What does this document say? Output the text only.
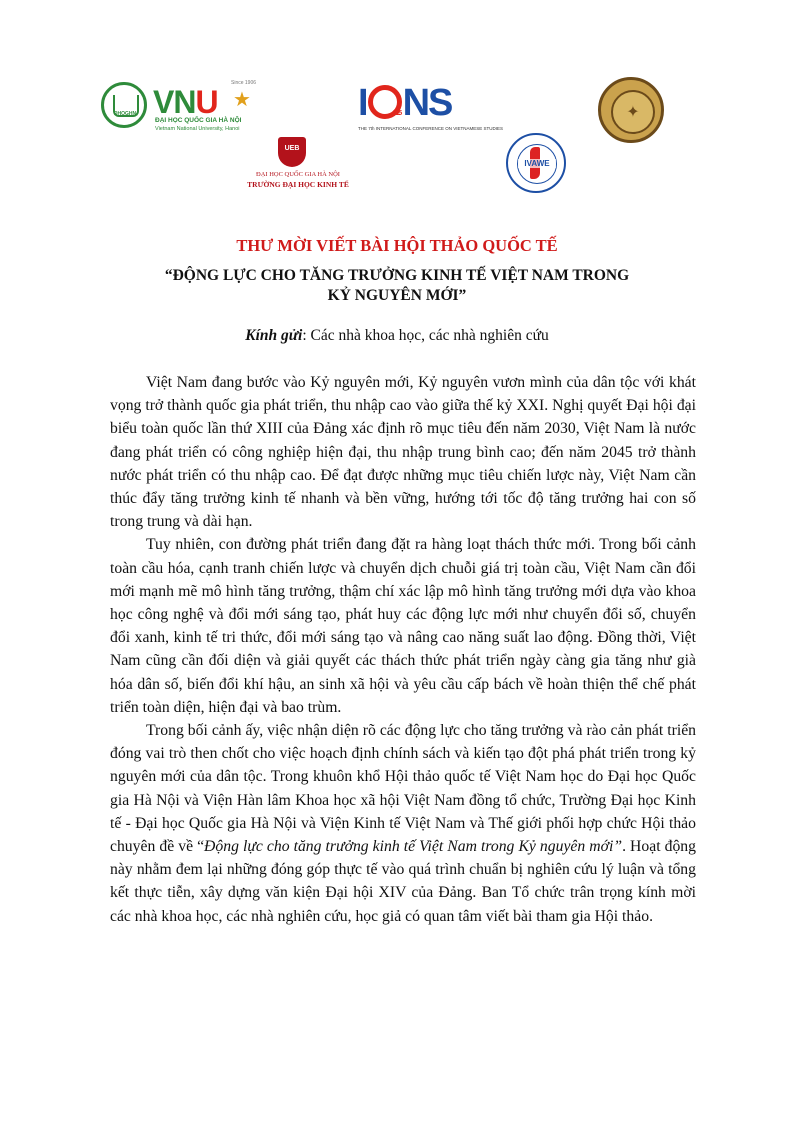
ĐHQGHN VNU
Since 1906
★
ĐẠI HỌC QUỐC GIA HÀ NỘI
Vietnam National University, Hanoi
I	2025 NS
THE 7th INTERNATIONAL CONFERENCE ON VIETNAMESE STUDIES
✦
UEB
ĐẠI HỌC QUỐC GIA HÀ NỘI
TRƯỜNG ĐẠI HỌC KINH TẾ
IVAWE
THƯ MỜI VIẾT BÀI HỘI THẢO QUỐC TẾ
“ĐỘNG LỰC CHO TĂNG TRƯỞNG KINH TẾ VIỆT NAM TRONG
KỶ NGUYÊN MỚI”
Kính gửi: Các nhà khoa học, các nhà nghiên cứu

Việt Nam đang bước vào Kỷ nguyên mới, Kỷ nguyên vươn mình của dân tộc với khát vọng trở thành quốc gia phát triển, thu nhập cao vào giữa thế kỷ XXI. Nghị quyết Đại hội đại biểu toàn quốc lần thứ XIII của Đảng xác định rõ mục tiêu đến năm 2030, Việt Nam là nước đang phát triển có công nghiệp hiện đại, thu nhập trung bình cao; đến năm 2045 trở thành nước phát triển có thu nhập cao. Để đạt được những mục tiêu chiến lược này, Việt Nam cần thúc đẩy tăng trưởng kinh tế nhanh và bền vững, hướng tới tốc độ tăng trưởng hai con số trong trung và dài hạn.

Tuy nhiên, con đường phát triển đang đặt ra hàng loạt thách thức mới. Trong bối cảnh toàn cầu hóa, cạnh tranh chiến lược và chuyển dịch chuỗi giá trị toàn cầu, Việt Nam cần đổi mới mạnh mẽ mô hình tăng trưởng, thậm chí xác lập mô hình tăng trưởng mới dựa vào khoa học công nghệ và đổi mới sáng tạo, phát huy các động lực mới như chuyển đổi số, chuyển đổi xanh, kinh tế tri thức, đổi mới sáng tạo và nâng cao năng suất lao động. Đồng thời, Việt Nam cũng cần đối diện và giải quyết các thách thức phát triển ngày càng gia tăng như già hóa dân số, biến đổi khí hậu, an sinh xã hội và yêu cầu cấp bách về hoàn thiện thể chế phát triển toàn diện, hiện đại và bao trùm.

Trong bối cảnh ấy, việc nhận diện rõ các động lực cho tăng trưởng và rào cản phát triển đóng vai trò then chốt cho việc hoạch định chính sách và kiến tạo đột phá phát triển trong kỷ nguyên mới của dân tộc. Trong khuôn khổ Hội thảo quốc tế Việt Nam học do Đại học Quốc gia Hà Nội và Viện Hàn lâm Khoa học xã hội Việt Nam đồng tổ chức, Trường Đại học Kinh tế - Đại học Quốc gia Hà Nội và Viện Kinh tế Việt Nam và Thế giới phối hợp chức Hội thảo chuyên đề về “Động lực cho tăng trưởng kinh tế Việt Nam trong Kỷ nguyên mới”. Hoạt động này nhằm đem lại những đóng góp thực tế vào quá trình chuẩn bị nghiên cứu lý luận và tổng kết thực tiễn, xây dựng văn kiện Đại hội XIV của Đảng. Ban Tổ chức trân trọng kính mời các nhà khoa học, các nhà nghiên cứu, học giả có quan tâm viết bài tham gia Hội thảo.
